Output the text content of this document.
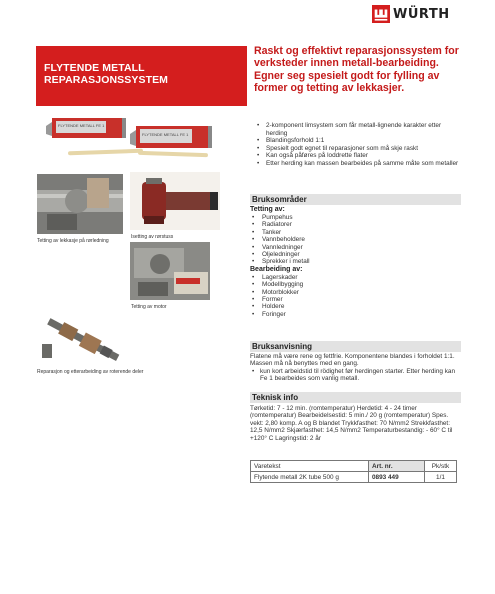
WÜRTH
FLYTENDE METALL
REPARASJONSSYSTEM
Raskt og effektivt reparasjonssystem for verksteder innen metall-bearbeiding. Egner seg spesielt godt for fylling av former og tetting av lekkasjer.
FLYTENDE METALL FE 1
FLYTENDE METALL FE 1
Tetting av lekkasje på rørledning
Isetting av rørstuss
Tetting av motor
Reparasjon og etterarbeiding av roterende deler
• 2-komponent limsystem som får metall-lignende karakter etter herding
• Blandingsforhold 1:1
• Spesielt godt egnet til reparasjoner som må skje raskt
• Kan også påføres på loddrette flater
• Etter herding kan massen bearbeides på samme måte som metaller
Bruksområder
Tetting av:
• Pumpehus
• Radiatorer
• Tanker
• Vannbeholdere
• Vannledninger
• Oljeledninger
• Sprekker i metall
Bearbeiding av:
• Lagerskader
• Modellbygging
• Motorblokker
• Former
• Holdere
• Foringer
Bruksanvisning
Flatene må være rene og fettfrie. Komponentene blandes i forholdet 1:1. Massen må nå benyttes med en gang.
• kun kort arbeidstid til rödighet før herdingen starter. Etter herding kan Fe 1 bearbeides som vanlig metall.
Teknisk info
Tørketid: 7 - 12 min. (romtemperatur) Herdetid: 4 - 24 timer (romtemperatur) Bearbeidelsestid: 5 min./ 20 g (romtemperatur) Spes. vekt: 2,80 komp. A og B blandet Trykkfasthet: 70 N/mm2 Strekkfasthet: 12,5 N/mm2 Skjærfasthet: 14,5 N/mm2 Temperaturbestandig: - 60° C til +120° C Lagringstid: 2 år
Varetekst	Art. nr.	Pk/stk
Flytende metall 2K tube 500 g	0893 449	1/1
